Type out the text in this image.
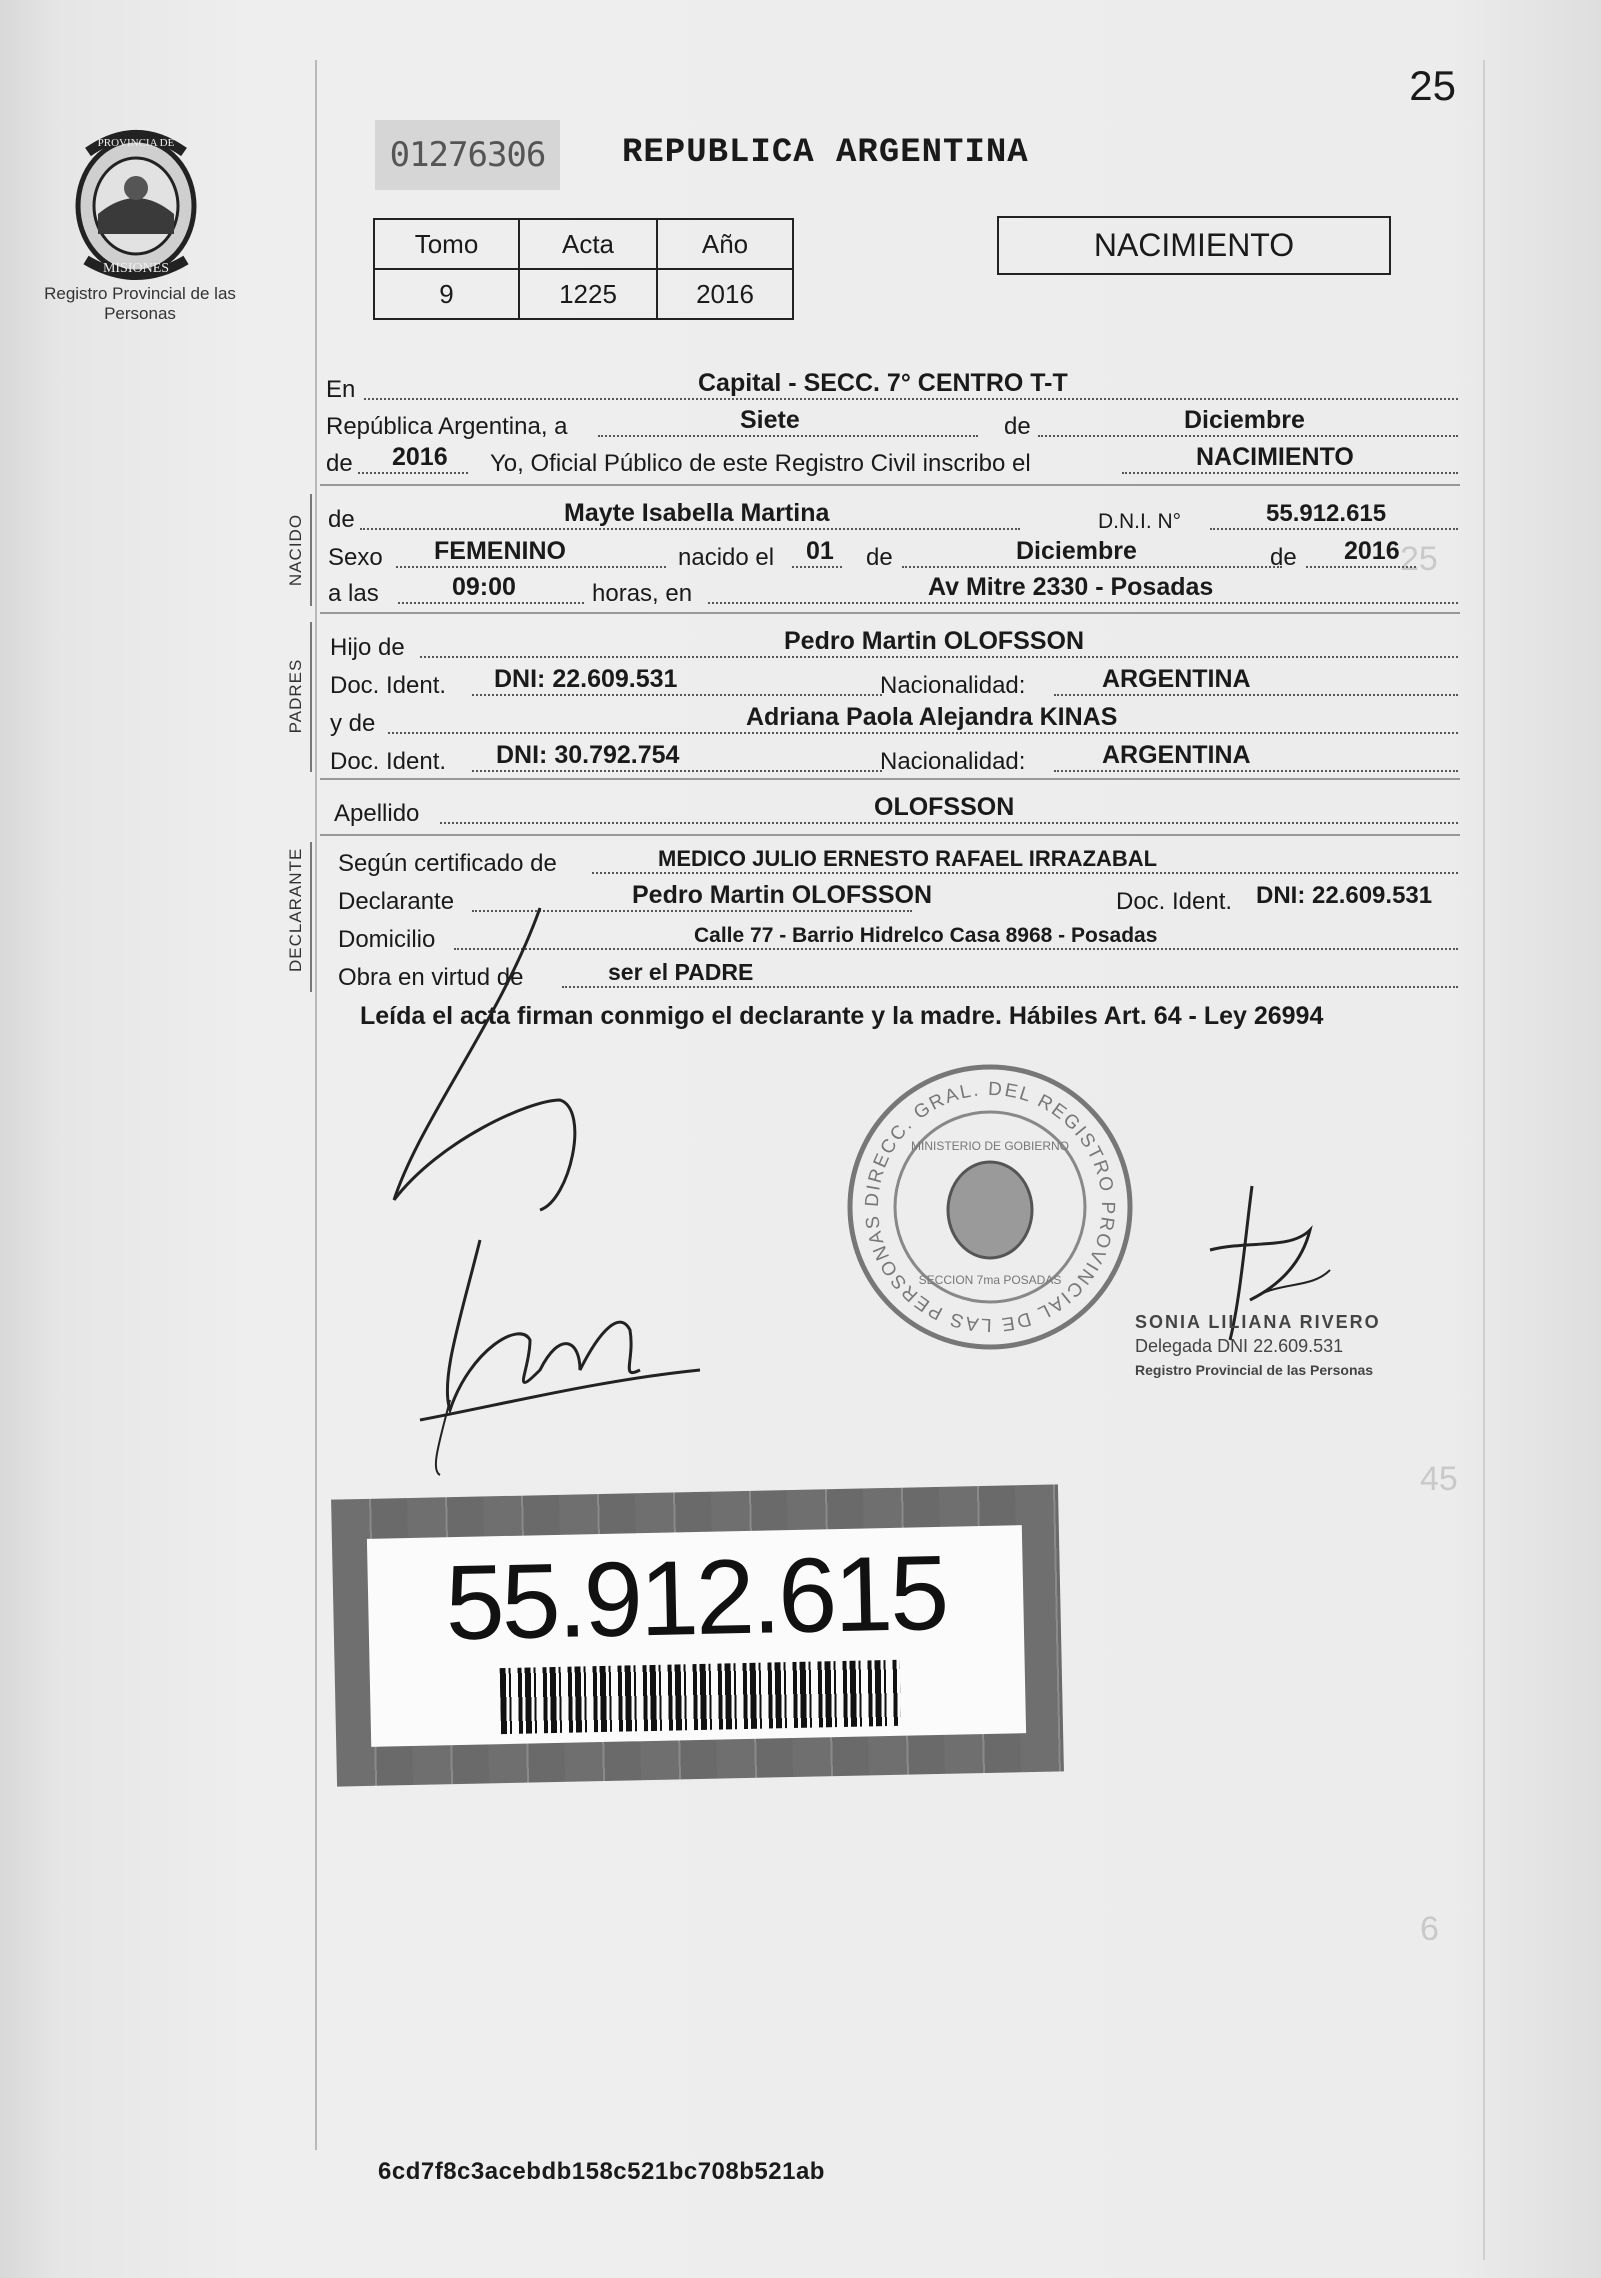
25
45
6
PROVINCIA DE
MISIONES
Registro Provincial de las Personas
25
01276306	REPUBLICA ARGENTINA
Tomo	Acta	Año
9	1225	2016
NACIMIENTO
En	Capital - SECC. 7° CENTRO T-T
República Argentina, a	Siete	de	Diciembre
de 2016 Yo, Oficial Público de este Registro Civil inscribo el	NACIMIENTO
NACIDO de	Mayte Isabella Martina	D.N.I. N°	55.912.615
Sexo FEMENINO	nacido el 01 de	Diciembre	de 2016
a las	09:00	horas, en	Av Mitre 2330 - Posadas
PADRES
Hijo de	Pedro Martin OLOFSSON
Doc. Ident. DNI: 22.609.531	Nacionalidad:	ARGENTINA
y de	Adriana Paola Alejandra KINAS
Doc. Ident. DNI: 30.792.754	Nacionalidad:	ARGENTINA
Apellido	OLOFSSON
DECLARANTE Según certificado de	MEDICO JULIO ERNESTO RAFAEL IRRAZABAL
Declarante	Pedro Martin OLOFSSON	Doc. Ident. DNI: 22.609.531
Domicilio	Calle 77 - Barrio Hidrelco Casa 8968 - Posadas
Obra en virtud de	ser el PADRE
Leída el acta firman conmigo el declarante y la madre. Hábiles Art. 64 - Ley 26994
DIRECC. GRAL. DEL REGISTRO PROVINCIAL DE LAS PERSONAS
MINISTERIO DE GOBIERNO
SECCION 7ma POSADAS
SONIA LILIANA RIVERO
Delegada DNI 22.609.531
Registro Provincial de las Personas
55.912.615
6cd7f8c3acebdb158c521bc708b521ab
